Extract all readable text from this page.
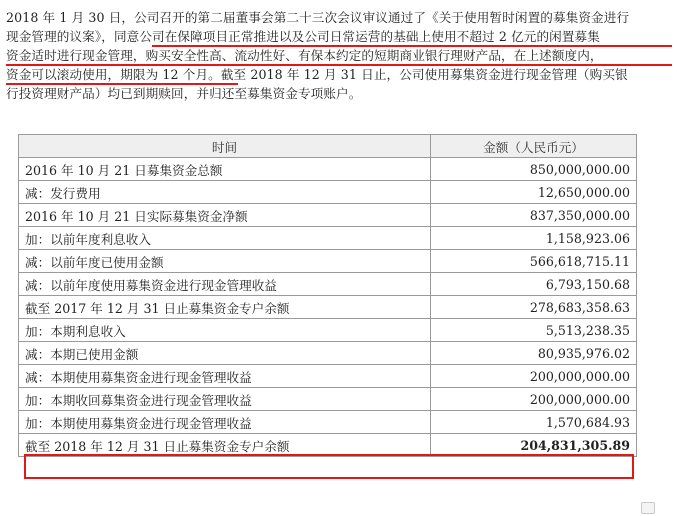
2018 年 1 月 30 日，公司召开的第二届董事会第二十三次会议审议通过了《关于使用暂时闲置的募集资金进行
现金管理的议案》，同意公司在保障项目正常推进以及公司日常运营的基础上使用不超过 2 亿元的闲置募集
资金适时进行现金管理，购买安全性高、流动性好、有保本约定的短期商业银行理财产品，在上述额度内，
资金可以滚动使用，期限为 12 个月。截至 2018 年 12 月 31 日止，公司使用募集资金进行现金管理（购买银
行投资理财产品）均已到期赎回，并归还至募集资金专项账户。
时间	金额（人民币元）
2016 年 10 月 21 日募集资金总额	850,000,000.00
减：发行费用	12,650,000.00
2016 年 10 月 21 日实际募集资金净额	837,350,000.00
加：以前年度利息收入	1,158,923.06
减：以前年度已使用金额	566,618,715.11
减：以前年度使用募集资金进行现金管理收益	6,793,150.68
截至 2017 年 12 月 31 日止募集资金专户余额	278,683,358.63
加：本期利息收入	5,513,238.35
减：本期已使用金额	80,935,976.02
减：本期使用募集资金进行现金管理收益	200,000,000.00
加：本期收回募集资金进行现金管理收益	200,000,000.00
加：本期使用募集资金进行现金管理收益	1,570,684.93
截至 2018 年 12 月 31 日止募集资金专户余额	204,831,305.89
